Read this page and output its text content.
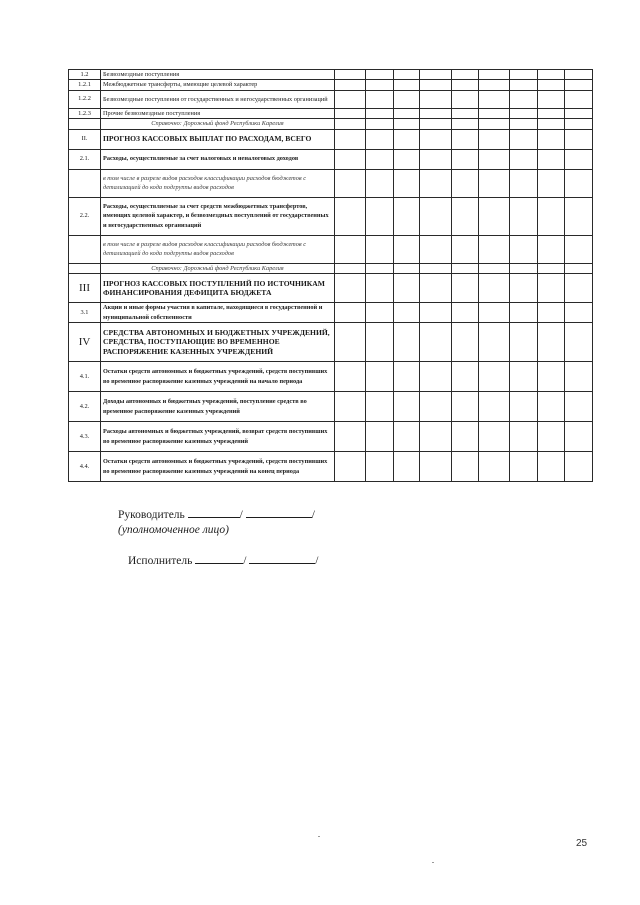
1.2	Безвозмездные поступления									
1.2.1	Межбюджетные трансферты, имеющие целевой характер									
1.2.2	Безвозмездные поступления от государственных и негосударственных организаций									
1.2.3	Прочие безвозмездные поступления									
	Справочно: Дорожный фонд Республики Карелия									
II.	ПРОГНОЗ КАССОВЫХ ВЫПЛАТ ПО РАСХОДАМ, ВСЕГО									
2.1.	Расходы, осуществляемые за счет налоговых и неналоговых доходов									
	в том числе в разрезе видов расходов классификации расходов бюджетов с детализацией до кода подгруппы видов расходов									
2.2.	Расходы, осуществляемые за счет средств межбюджетных трансфертов, имеющих целевой характер, и безвозмездных поступлений от государственных и негосударственных организаций									
	в том числе в разрезе видов расходов классификации расходов бюджетов с детализацией до кода подгруппы видов расходов									
	Справочно: Дорожный фонд Республики Карелия									
III	ПРОГНОЗ КАССОВЫХ ПОСТУПЛЕНИЙ ПО ИСТОЧНИКАМ ФИНАНСИРОВАНИЯ ДЕФИЦИТА БЮДЖЕТА									
3.1	Акции и иные формы участия в капитале, находящиеся в государственной и муниципальной собственности									
IV	СРЕДСТВА АВТОНОМНЫХ И БЮДЖЕТНЫХ УЧРЕЖДЕНИЙ, СРЕДСТВА, ПОСТУПАЮЩИЕ ВО ВРЕМЕННОЕ РАСПОРЯЖЕНИЕ КАЗЕННЫХ УЧРЕЖДЕНИЙ									
4.1.	Остатки средств автономных и бюджетных учреждений, средств поступивших во временное распоряжение казенных учреждений на начало периода									
4.2.	Доходы автономных и бюджетных учреждений, поступление средств во временное распоряжение казенных учреждений									
4.3.	Расходы автономных и бюджетных учреждений, возврат средств поступивших во временное распоряжение казенных учреждений									
4.4.	Остатки средств автономных и бюджетных учреждений, средств поступивших во временное распоряжение казенных учреждений на конец периода									
Руководитель	/	/
(уполномоченное лицо)
Исполнитель	/	/
25
